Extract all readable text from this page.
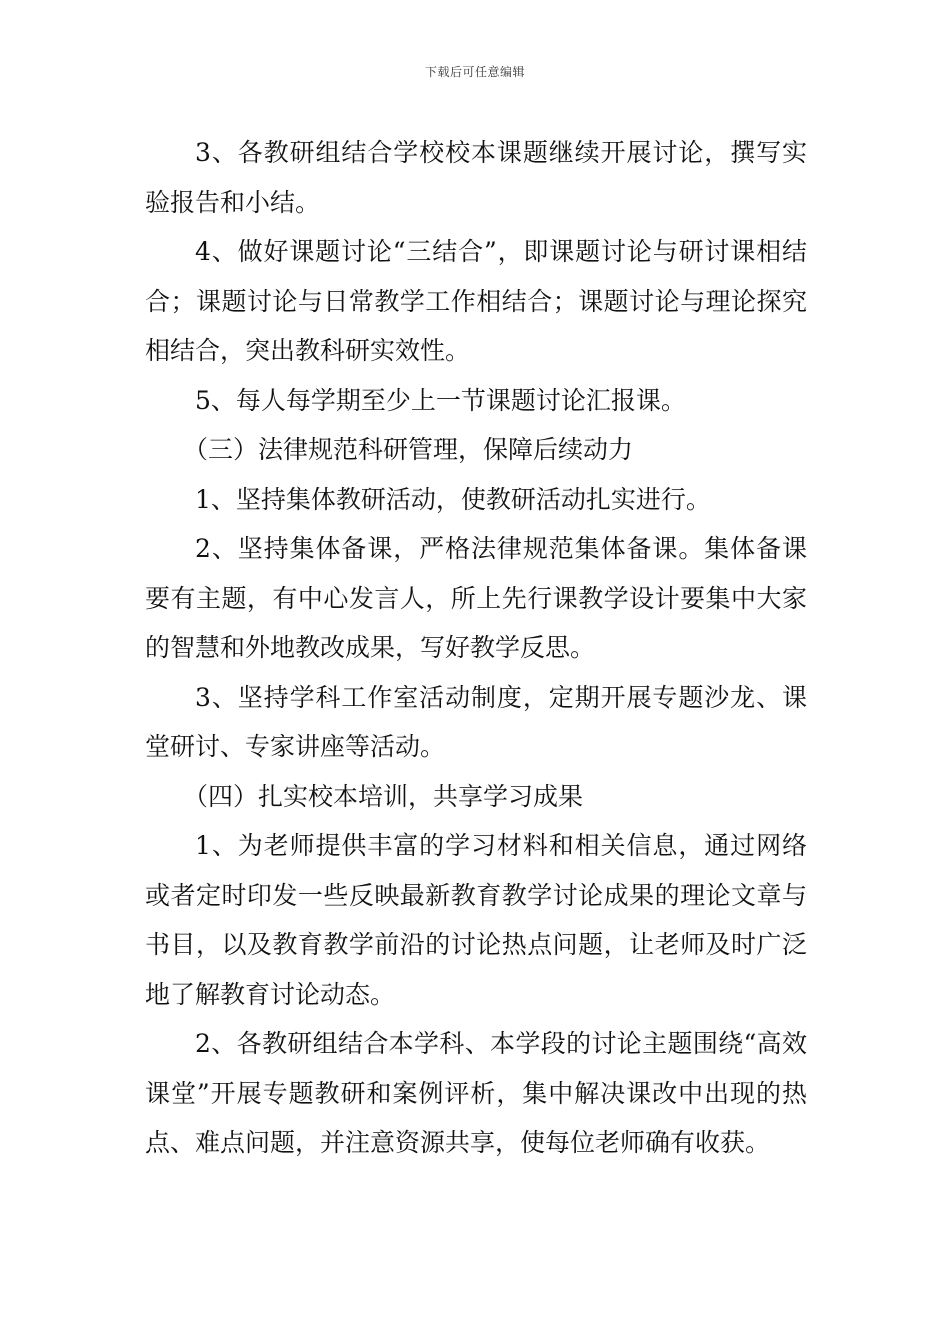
下载后可任意编辑

3、各教研组结合学校校本课题继续开展讨论，撰写实验报告和小结。

4、做好课题讨论“三结合”，即课题讨论与研讨课相结合；课题讨论与日常教学工作相结合；课题讨论与理论探究相结合，突出教科研实效性。

5、每人每学期至少上一节课题讨论汇报课。

（三）法律规范科研管理，保障后续动力

1、坚持集体教研活动，使教研活动扎实进行。

2、坚持集体备课，严格法律规范集体备课。集体备课要有主题，有中心发言人，所上先行课教学设计要集中大家的智慧和外地教改成果，写好教学反思。

3、坚持学科工作室活动制度，定期开展专题沙龙、课堂研讨、专家讲座等活动。

（四）扎实校本培训，共享学习成果

1、为老师提供丰富的学习材料和相关信息，通过网络或者定时印发一些反映最新教育教学讨论成果的理论文章与书目，以及教育教学前沿的讨论热点问题，让老师及时广泛地了解教育讨论动态。

2、各教研组结合本学科、本学段的讨论主题围绕“高效课堂”开展专题教研和案例评析，集中解决课改中出现的热点、难点问题，并注意资源共享，使每位老师确有收获。
